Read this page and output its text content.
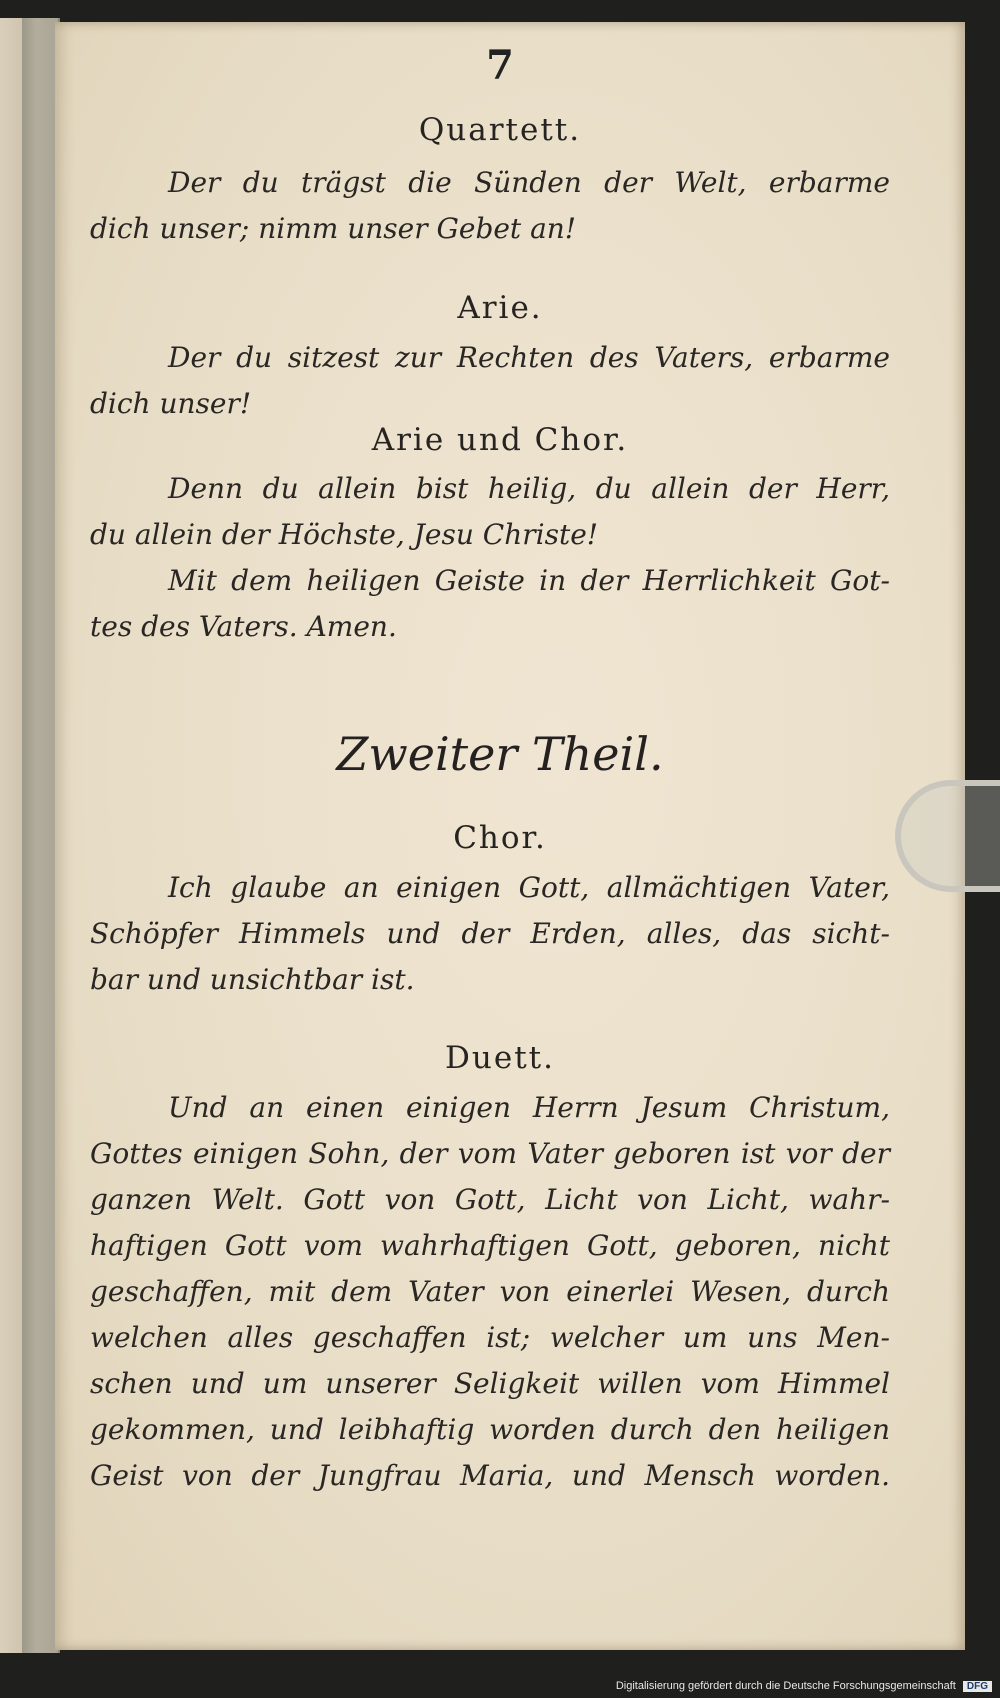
7
Quartett.
Der du trägst die Sünden der Welt, erbarme
dich unser; nimm unser Gebet an!
Arie.
Der du sitzest zur Rechten des Vaters, erbarme
dich unser!
Arie und Chor.
Denn du allein bist heilig, du allein der Herr,
du allein der Höchste, Jesu Christe!
Mit dem heiligen Geiste in der Herrlichkeit Got-
tes des Vaters. Amen.
Zweiter Theil.
Chor.
Ich glaube an einigen Gott, allmächtigen Vater,
Schöpfer Himmels und der Erden, alles, das sicht-
bar und unsichtbar ist.
Duett.
Und an einen einigen Herrn Jesum Christum,
Gottes einigen Sohn, der vom Vater geboren ist vor der
ganzen Welt. Gott von Gott, Licht von Licht, wahr-
haftigen Gott vom wahrhaftigen Gott, geboren, nicht
geschaffen, mit dem Vater von einerlei Wesen, durch
welchen alles geschaffen ist; welcher um uns Men-
schen und um unserer Seligkeit willen vom Himmel
gekommen, und leibhaftig worden durch den heiligen
Geist von der Jungfrau Maria, und Mensch worden.
Digitalisierung gefördert durch die Deutsche Forschungsgemeinschaft DFG
